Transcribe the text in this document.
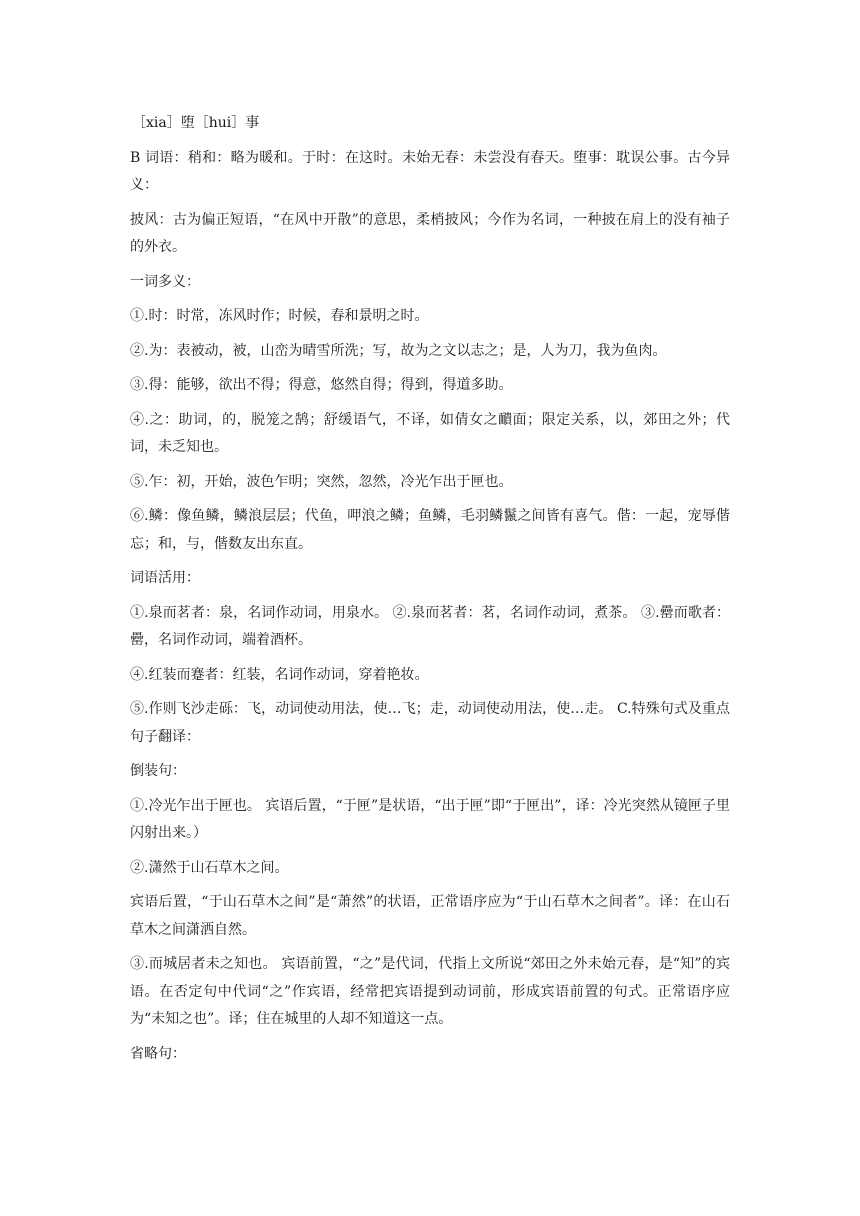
［xia］堕［hui］事

B 词语：稍和：略为暖和。于时：在这时。未始无春：未尝没有春天。堕事：耽误公事。古今异义：

披风：古为偏正短语，“在风中开散”的意思，柔梢披风；今作为名词，一种披在肩上的没有袖子的外衣。

一词多义：

①.时：时常，冻风时作；时候，春和景明之时。

②.为：表被动，被，山峦为晴雪所洗；写，故为之文以志之；是，人为刀，我为鱼肉。

③.得：能够，欲出不得；得意，悠然自得；得到，得道多助。

④.之：助词，的，脱笼之鹄；舒缓语气，不译，如倩女之靧面；限定关系，以，郊田之外；代词，未乏知也。

⑤.乍：初，开始，波色乍明；突然，忽然，冷光乍出于匣也。

⑥.鳞：像鱼鳞，鳞浪层层；代鱼，呷浪之鳞；鱼鳞，毛羽鳞鬣之间皆有喜气。偕：一起，宠辱偕忘；和，与，偕数友出东直。

词语活用：

①.泉而茗者：泉，名词作动词，用泉水。 ②.泉而茗者：茗，名词作动词，煮茶。 ③.罍而歌者：罍，名词作动词，端着酒杯。

④.红装而蹇者：红装，名词作动词，穿着艳妆。

⑤.作则飞沙走砾：飞，动词使动用法，使…飞；走，动词使动用法，使…走。 C.特殊句式及重点句子翻译：

倒装句：

①.冷光乍出于匣也。 宾语后置，“于匣”是状语，“出于匣”即“于匣出”，译：冷光突然从镜匣子里闪射出来。）

②.潇然于山石草木之间。

宾语后置，“于山石草木之间”是“萧然”的状语，正常语序应为“于山石草木之间者”。译：在山石草木之间潇洒自然。

③.而城居者未之知也。 宾语前置，“之”是代词，代指上文所说“郊田之外未始元春，是“知”的宾语。在否定句中代词“之”作宾语，经常把宾语提到动词前，形成宾语前置的句式。正常语序应为“未知之也”。译；住在城里的人却不知道这一点。

省略句：
